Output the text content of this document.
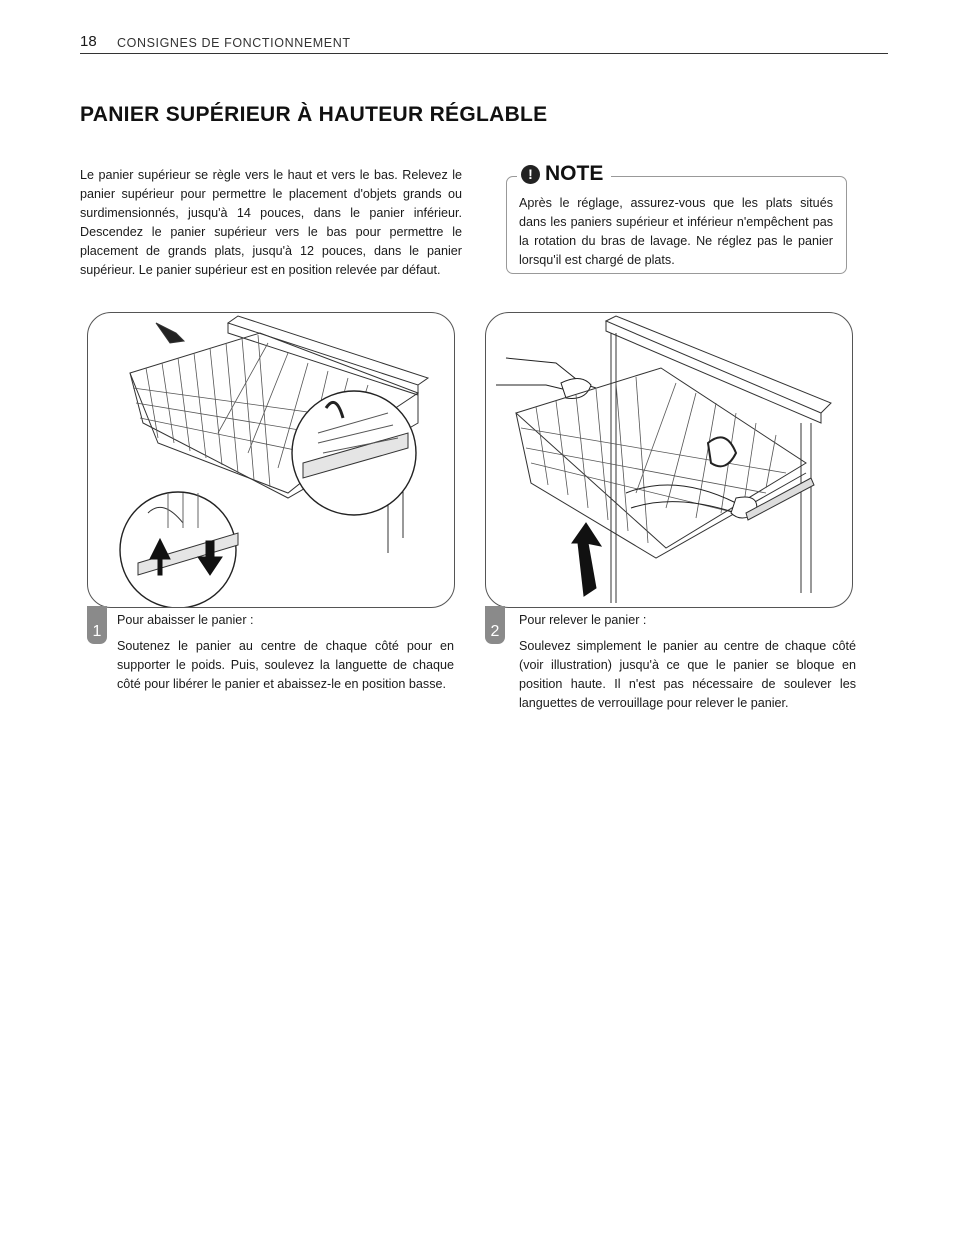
18 CONSIGNES DE FONCTIONNEMENT
PANIER SUPÉRIEUR À HAUTEUR RÉGLABLE

Le panier supérieur se règle vers le haut et vers le bas. Relevez le panier supérieur pour permettre le placement d'objets grands ou surdimensionnés, jusqu'à 14 pouces, dans le panier inférieur. Descendez le panier supérieur vers le bas pour permettre le placement de grands plats, jusqu'à 12 pouces, dans le panier supérieur. Le panier supérieur est en position relevée par défaut.

! NOTE

Après le réglage, assurez-vous que les plats situés dans les paniers supérieur et inférieur n'empêchent pas la rotation du bras de lavage. Ne réglez pas le panier lorsqu'il est chargé de plats.

1

Pour abaisser le panier :

Soutenez le panier au centre de chaque côté pour en supporter le poids. Puis, soulevez la languette de chaque côté pour libérer le panier et abaissez-le en position basse.

2

Pour relever le panier :

Soulevez simplement le panier au centre de chaque côté (voir illustration) jusqu'à ce que le panier se bloque en position haute. Il n'est pas nécessaire de soulever les languettes de verrouillage pour relever le panier.
